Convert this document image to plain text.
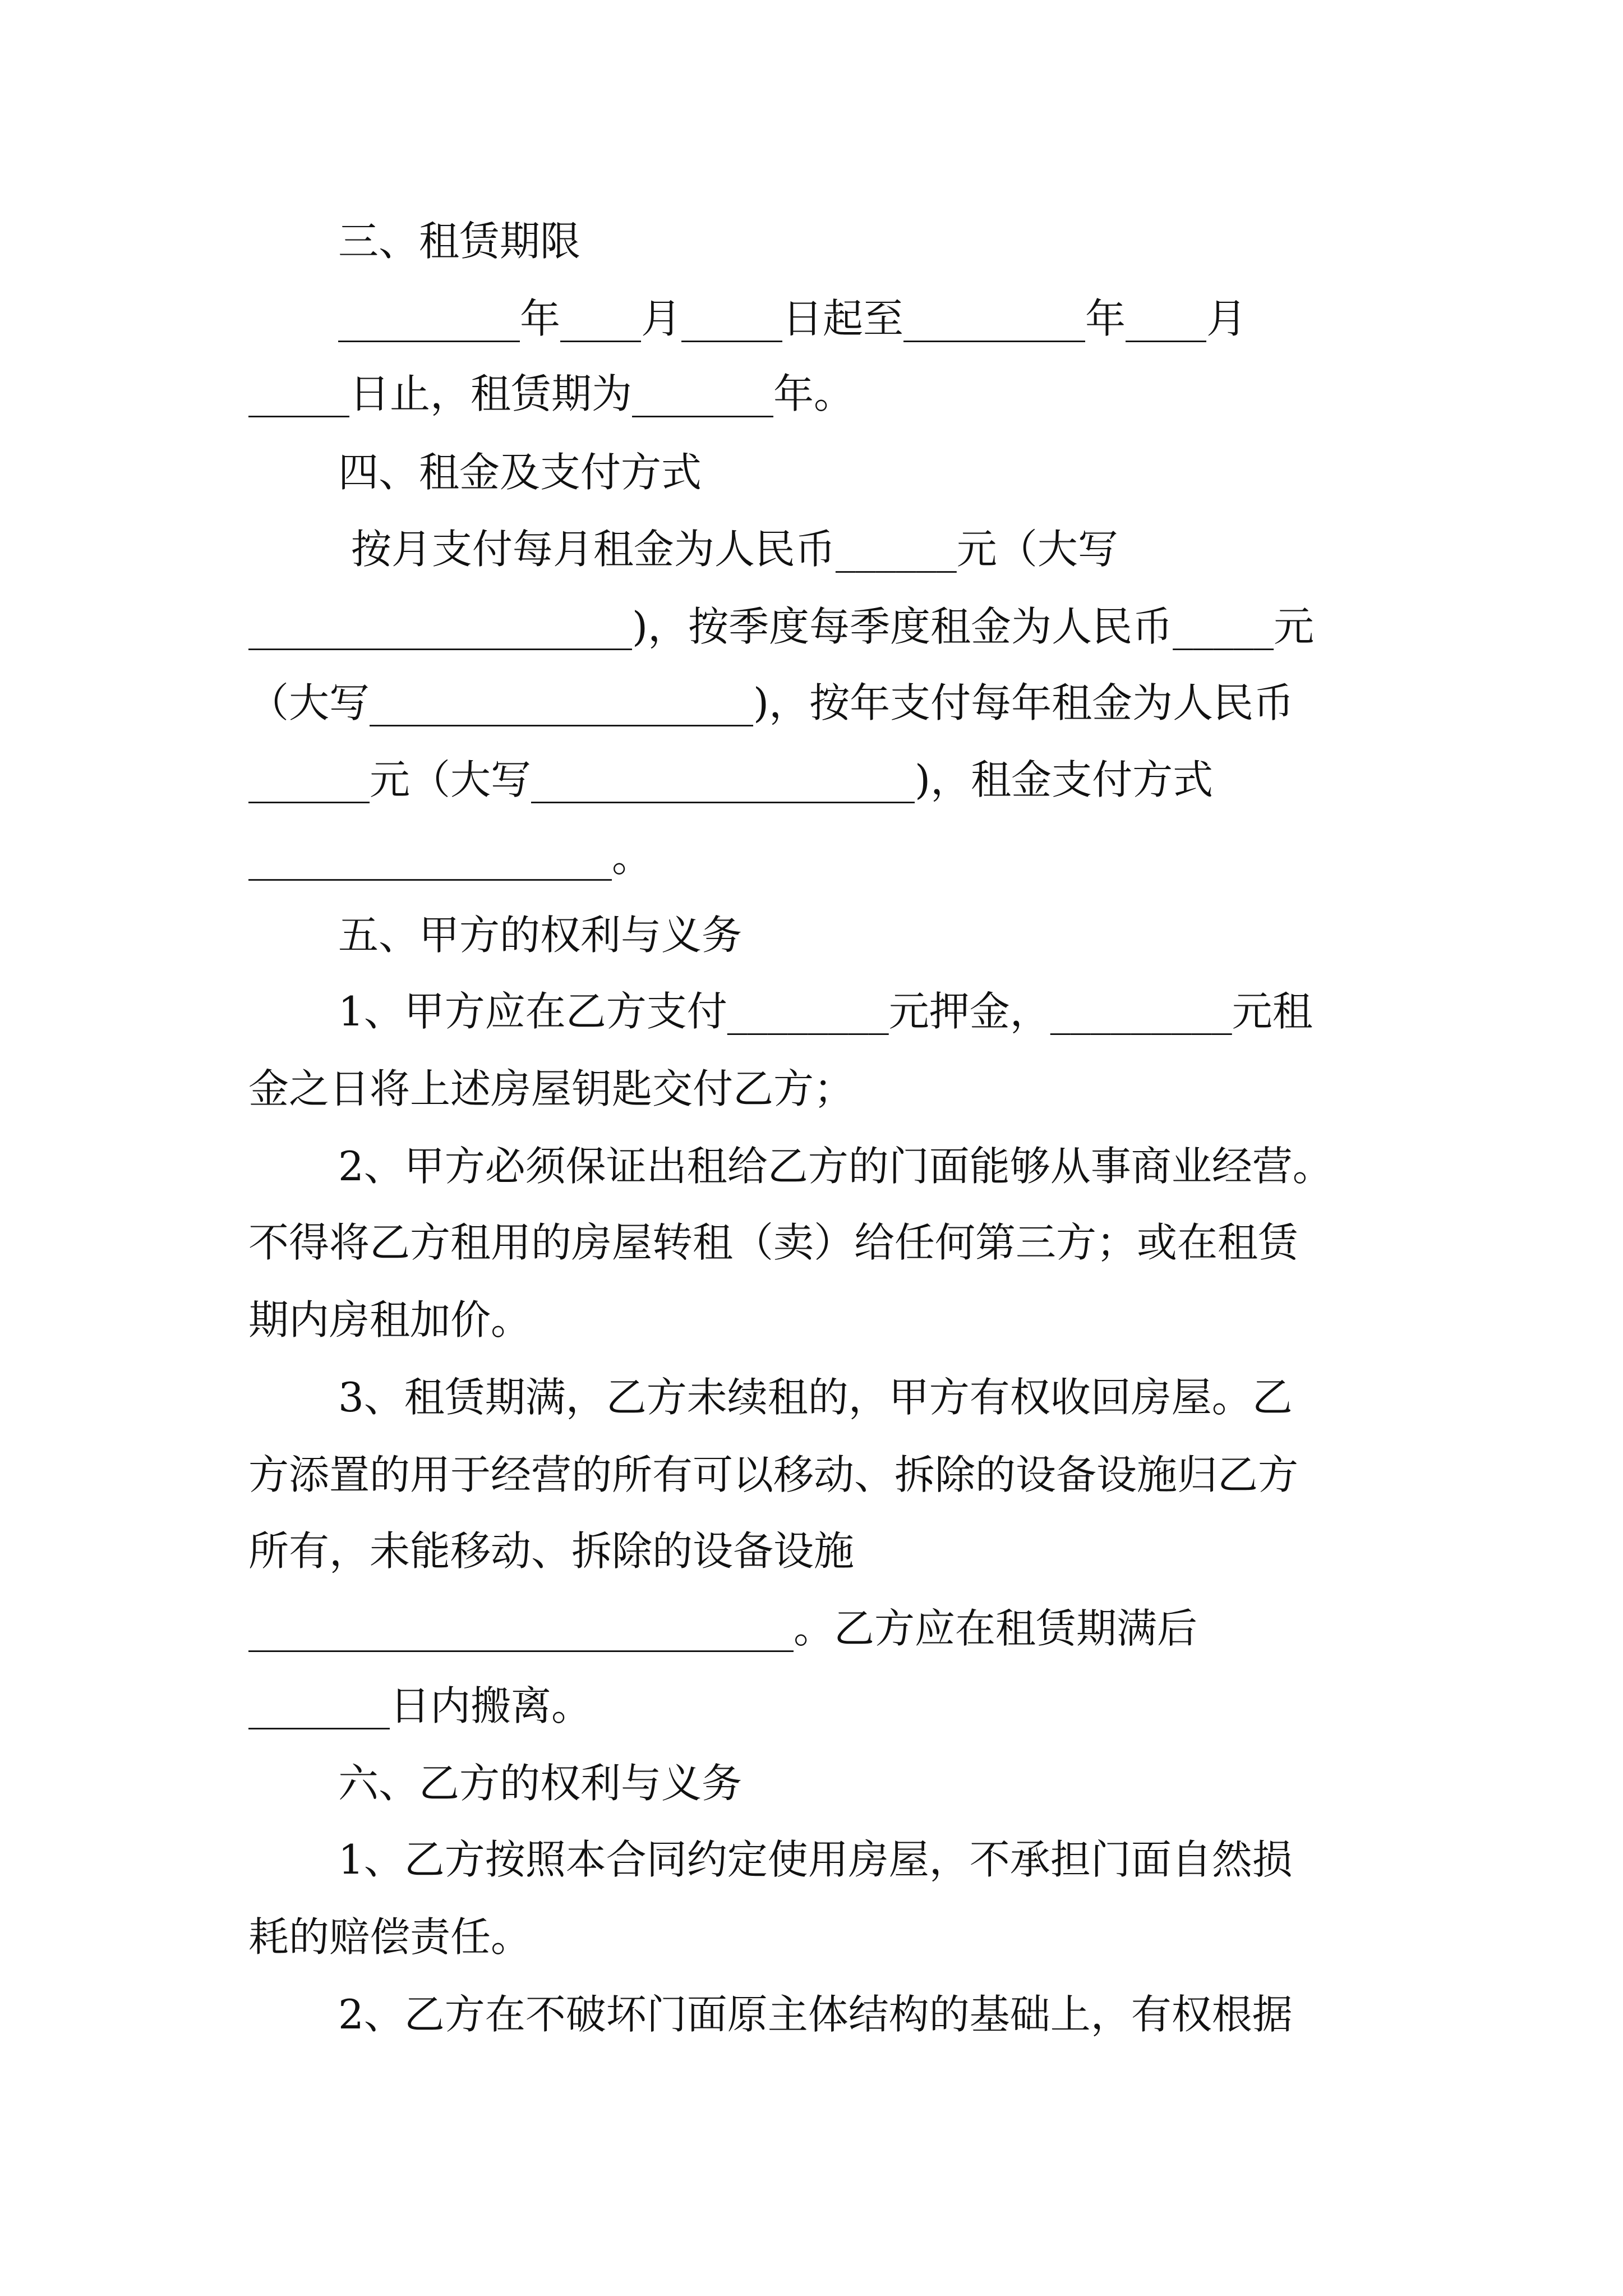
三、租赁期限
_________年____月_____日起至_________年____月
_____日止，租赁期为_______年。
四、租金及支付方式
按月支付每月租金为人民币______元（大写
___________________)，按季度每季度租金为人民币_____元
（大写___________________)，按年支付每年租金为人民币
______元（大写___________________)，租金支付方式
__________________。
五、甲方的权利与义务
1、甲方应在乙方支付________元押金，_________元租
金之日将上述房屋钥匙交付乙方；
2、甲方必须保证出租给乙方的门面能够从事商业经营。
不得将乙方租用的房屋转租（卖）给任何第三方；或在租赁
期内房租加价。
3、租赁期满，乙方未续租的，甲方有权收回房屋。乙
方添置的用于经营的所有可以移动、拆除的设备设施归乙方
所有，未能移动、拆除的设备设施
___________________________。乙方应在租赁期满后
_______日内搬离。
六、乙方的权利与义务
1、乙方按照本合同约定使用房屋，不承担门面自然损
耗的赔偿责任。
2、乙方在不破坏门面原主体结构的基础上，有权根据
